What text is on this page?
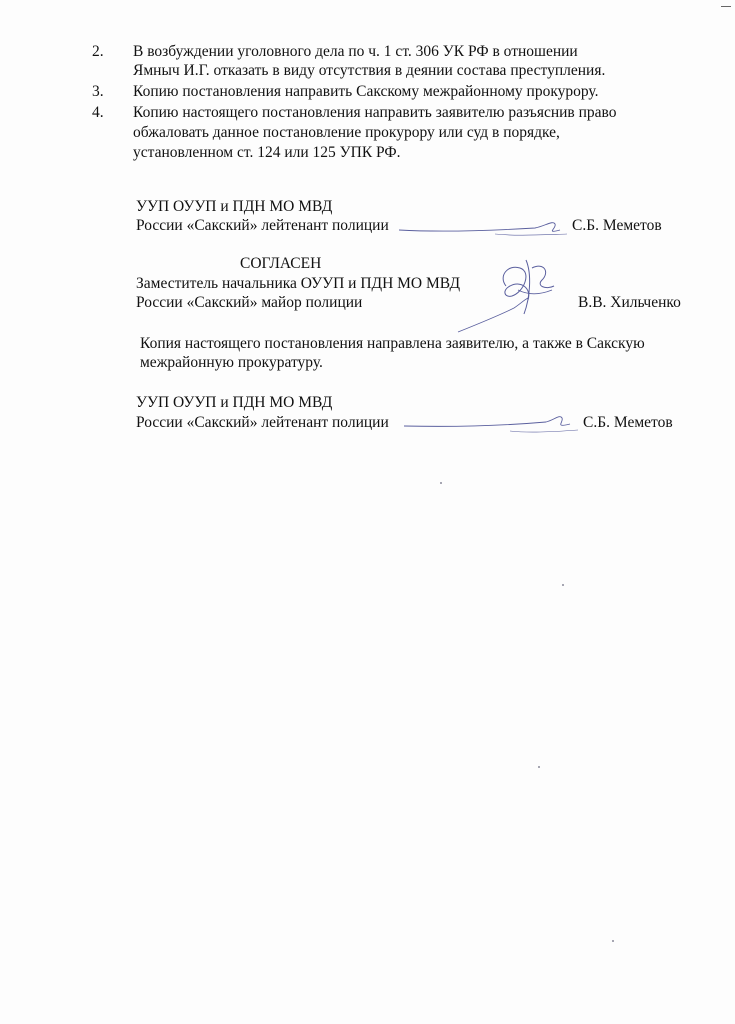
2. В возбуждении уголовного дела по ч. 1 ст. 306 УК РФ в отношении
Ямныч И.Г. отказать в виду отсутствия в деянии состава преступления.
3. Копию постановления направить Сакскому межрайонному прокурору.
4. Копию настоящего постановления направить заявителю разъяснив право
обжаловать данное постановление прокурору или суд в порядке,
установленном ст. 124 или 125 УПК РФ.
УУП ОУУП и ПДН МО МВД
России «Сакский» лейтенант полиции	С.Б. Меметов
СОГЛАСЕН
Заместитель начальника ОУУП и ПДН МО МВД
России «Сакский» майор полиции	В.В. Хильченко
Копия настоящего постановления направлена заявителю, а также в Сакскую
межрайонную прокуратуру.
УУП ОУУП и ПДН МО МВД
России «Сакский» лейтенант полиции	С.Б. Меметов
